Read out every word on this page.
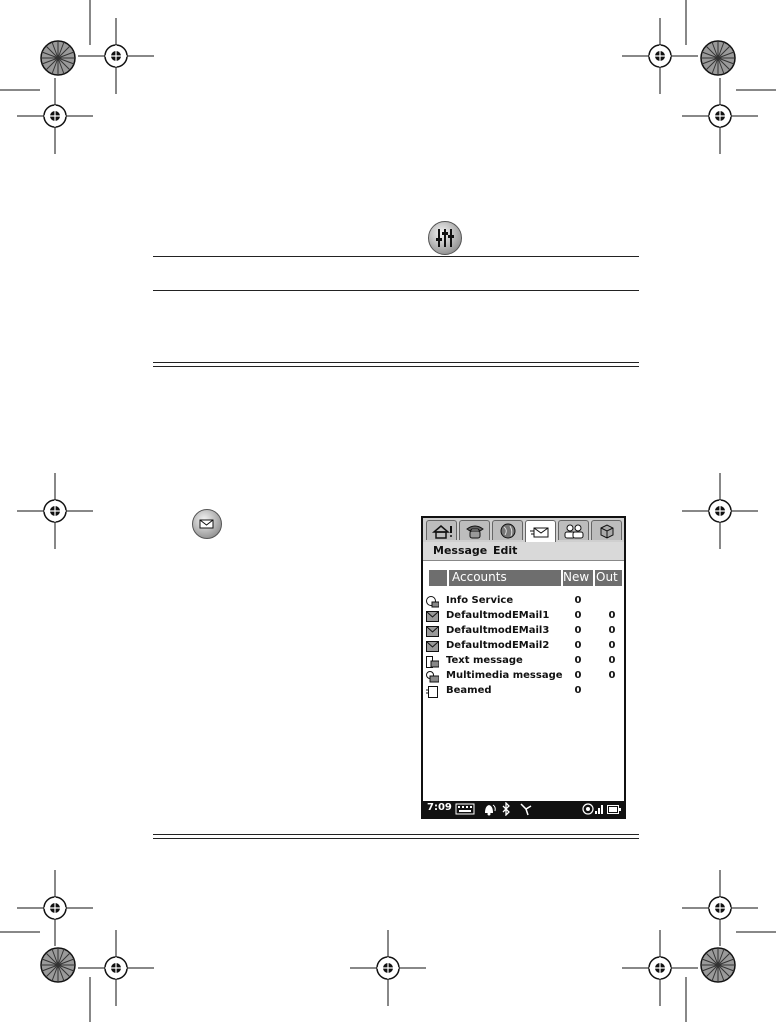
Message Edit
Accounts	New Out
Info Service	0
DefaultmodEMail1	0	0
DefaultmodEMail3	0	0
DefaultmodEMail2	0	0
Text message	0	0
Multimedia message 0	0
Beamed	0
7:09
